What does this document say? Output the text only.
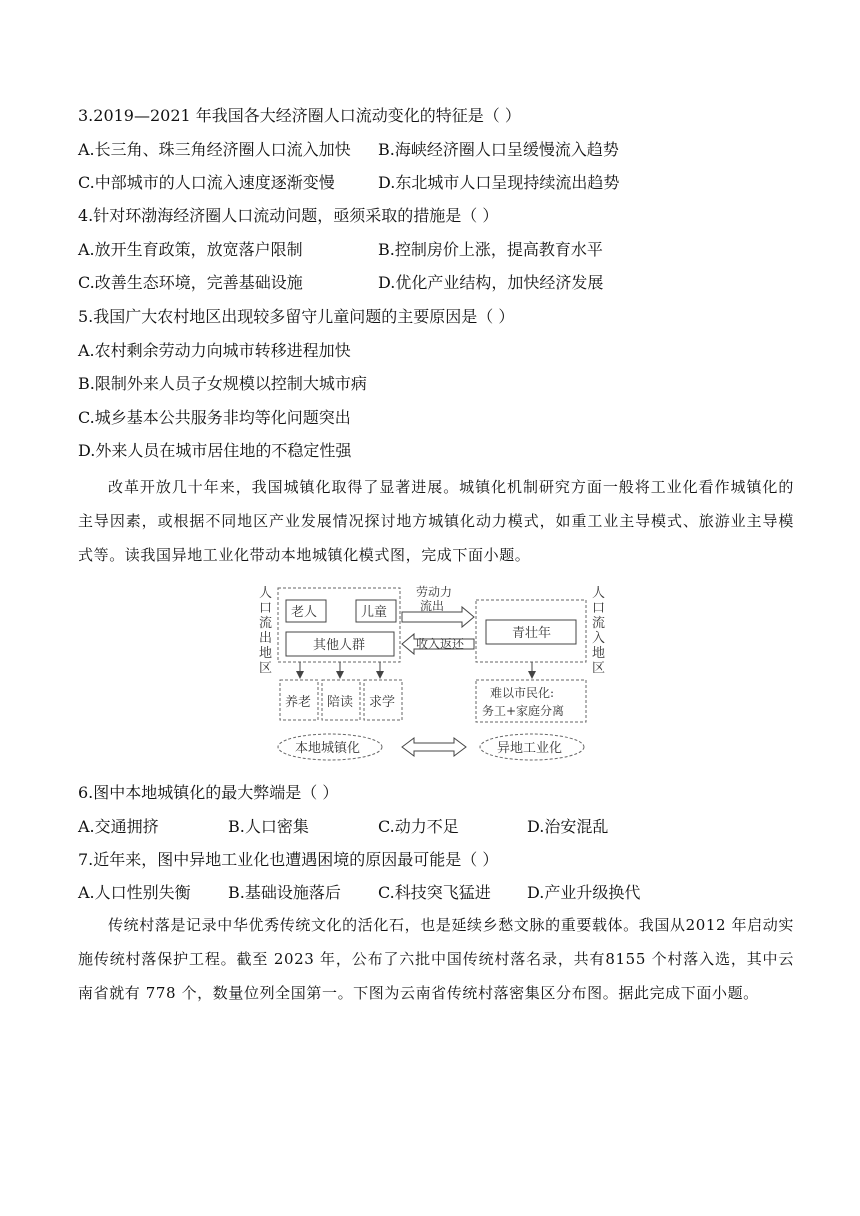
3.2019—2021 年我国各大经济圈人口流动变化的特征是（ ）
A.长三角、珠三角经济圈人口流入加快 B.海峡经济圈人口呈缓慢流入趋势
C.中部城市的人口流入速度逐渐变慢	D.东北城市人口呈现持续流出趋势
4.针对环渤海经济圈人口流动问题，亟须采取的措施是（ ）
A.放开生育政策，放宽落户限制	B.控制房价上涨，提高教育水平
C.改善生态环境，完善基础设施	D.优化产业结构，加快经济发展
5.我国广大农村地区出现较多留守儿童问题的主要原因是（ ）
A.农村剩余劳动力向城市转移进程加快
B.限制外来人员子女规模以控制大城市病
C.城乡基本公共服务非均等化问题突出
D.外来人员在城市居住地的不稳定性强
改革开放几十年来，我国城镇化取得了显著进展。城镇化机制研究方面一般将工业化看作城镇化的主导因素，或根据不同地区产业发展情况探讨地方城镇化动力模式，如重工业主导模式、旅游业主导模式等。读我国异地工业化带动本地城镇化模式图，完成下面小题。
人
口
流
出
地
区
老人	儿童
其他人群
青壮年
人
口
流
入
地
区
劳动力
流出
收入返还
养老 陪读 求学
难以市民化:
务工+家庭分离
本地城镇化	异地工业化
6.图中本地城镇化的最大弊端是（ ）
A.交通拥挤	B.人口密集	C.动力不足	D.治安混乱
7.近年来，图中异地工业化也遭遇困境的原因最可能是（ ）
A.人口性别失衡 B.基础设施落后 C.科技突飞猛进 D.产业升级换代
传统村落是记录中华优秀传统文化的活化石，也是延续乡愁文脉的重要载体。我国从2012 年启动实施传统村落保护工程。截至 2023 年，公布了六批中国传统村落名录，共有8155 个村落入选，其中云南省就有 778 个，数量位列全国第一。下图为云南省传统村落密集区分布图。据此完成下面小题。
